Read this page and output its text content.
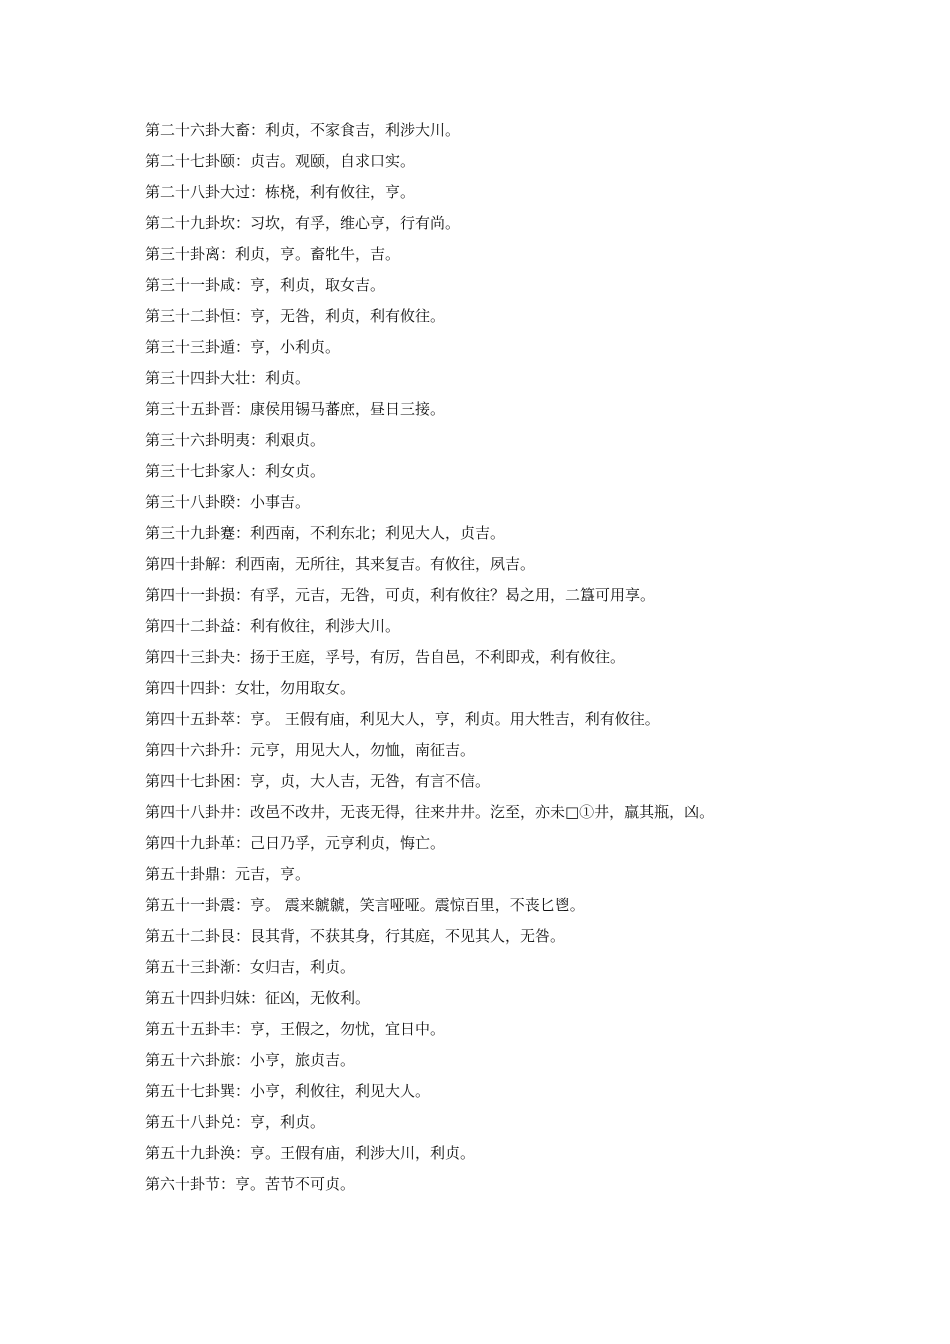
第二十六卦大畜：利贞，不家食吉，利涉大川。
第二十七卦颐：贞吉。观颐，自求口实。
第二十八卦大过：栋桡，利有攸往，亨。
第二十九卦坎：习坎，有孚，维心亨，行有尚。
第三十卦离：利贞，亨。畜牝牛，吉。
第三十一卦咸：亨，利贞，取女吉。
第三十二卦恒：亨，无咎，利贞，利有攸往。
第三十三卦遁：亨，小利贞。
第三十四卦大壮：利贞。
第三十五卦晋：康侯用锡马蕃庶，昼日三接。
第三十六卦明夷：利艰贞。
第三十七卦家人：利女贞。
第三十八卦睽：小事吉。
第三十九卦蹇：利西南，不利东北；利见大人，贞吉。
第四十卦解：利西南，无所往，其来复吉。有攸往，夙吉。
第四十一卦损：有孚，元吉，无咎，可贞，利有攸往？曷之用，二簋可用享。
第四十二卦益：利有攸往，利涉大川。
第四十三卦夬：扬于王庭，孚号，有厉，告自邑，不利即戎，利有攸往。
第四十四卦：女壮，勿用取女。
第四十五卦萃：亨。 王假有庙，利见大人，亨，利贞。用大牲吉，利有攸往。
第四十六卦升：元亨，用见大人，勿恤，南征吉。
第四十七卦困：亨，贞，大人吉，无咎，有言不信。
第四十八卦井：改邑不改井，无丧无得，往来井井。汔至，亦未□①井，羸其瓶，凶。
第四十九卦革：己日乃孚，元亨利贞，悔亡。
第五十卦鼎：元吉，亨。
第五十一卦震：亨。 震来虩虩，笑言哑哑。震惊百里，不丧匕鬯。
第五十二卦艮：艮其背，不获其身，行其庭，不见其人，无咎。
第五十三卦渐：女归吉，利贞。
第五十四卦归妹：征凶，无攸利。
第五十五卦丰：亨，王假之，勿忧，宜日中。
第五十六卦旅：小亨，旅贞吉。
第五十七卦巽：小亨，利攸往，利见大人。
第五十八卦兑：亨，利贞。
第五十九卦涣：亨。王假有庙，利涉大川，利贞。
第六十卦节：亨。苦节不可贞。
